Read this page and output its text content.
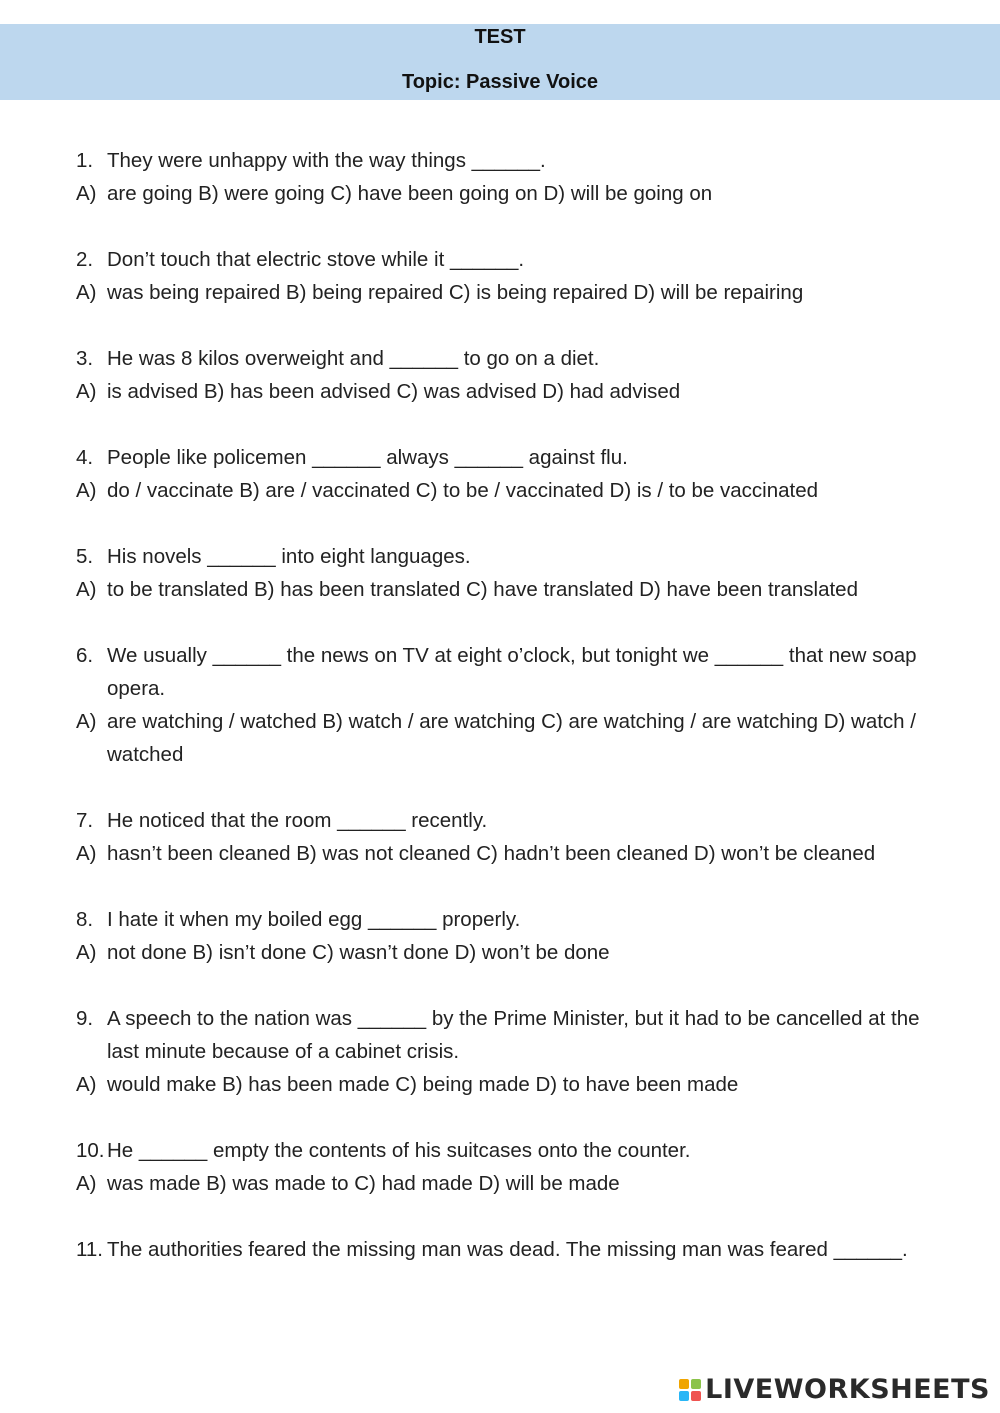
TEST
Topic: Passive Voice
1. They were unhappy with the way things ______.
A) are going B) were going C) have been going on D) will be going on
2. Don’t touch that electric stove while it ______.
A) was being repaired B) being repaired C) is being repaired D) will be repairing
3. He was 8 kilos overweight and ______ to go on a diet.
A) is advised B) has been advised C) was advised D) had advised
4. People like policemen ______ always ______ against flu.
A) do / vaccinate B) are / vaccinated C) to be / vaccinated D) is / to be vaccinated
5. His novels ______ into eight languages.
A) to be translated B) has been translated C) have translated D) have been translated
6. We usually ______ the news on TV at eight o’clock, but tonight we ______ that new soap opera.
A) are watching / watched B) watch / are watching C) are watching / are watching D) watch / watched
7. He noticed that the room ______ recently.
A) hasn’t been cleaned B) was not cleaned C) hadn’t been cleaned D) won’t be cleaned
8. I hate it when my boiled egg ______ properly.
A) not done B) isn’t done C) wasn’t done D) won’t be done
9. A speech to the nation was ______ by the Prime Minister, but it had to be cancelled at the last minute because of a cabinet crisis.
A) would make B) has been made C) being made D) to have been made
10. He ______ empty the contents of his suitcases onto the counter.
A) was made B) was made to C) had made D) will be made
11. The authorities feared the missing man was dead. The missing man was feared ______.
LIVEWORKSHEETS
